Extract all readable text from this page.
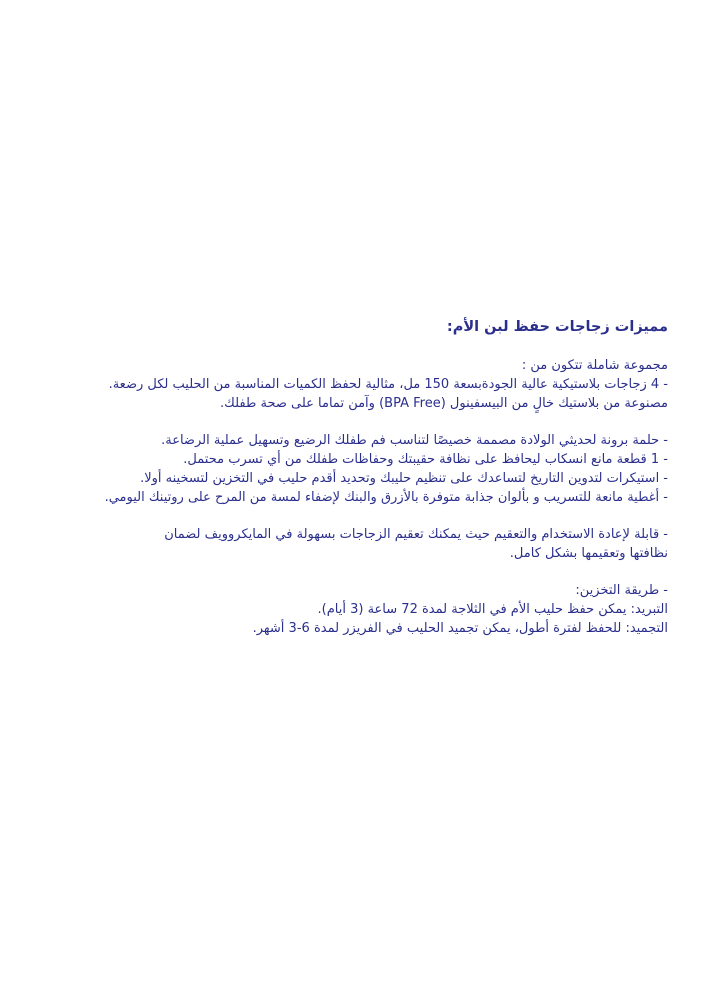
مميزات زجاجات حفظ لبن الأم:
مجموعة شاملة تتكون من :
- 4 زجاجات بلاستيكية عالية الجودةبسعة 150 مل، مثالية لحفظ الكميات المناسبة من الحليب لكل رضعة.
مصنوعة من بلاستيك خالٍ من البيسفينول (BPA Free) وآمن تماما على صحة طفلك.
- حلمة برونة لحديثي الولادة مصممة خصيصًا لتناسب فم طفلك الرضيع وتسهيل عملية الرضاعة.
- 1 قطعة مانع انسكاب ليحافظ على نظافة حقيبتك وحفاظات طفلك من أي تسرب محتمل.
- استيكرات لتدوين التاريخ لتساعدك على تنظيم حليبك وتحديد أقدم حليب في التخزين لتسخينه أولا.
- أغطية مانعة للتسريب و بألوان جذابة متوفرة بالأزرق والبنك لإضفاء لمسة من المرح على روتينك اليومي.
- قابلة لإعادة الاستخدام والتعقيم حيث يمكنك تعقيم الزجاجات بسهولة في المايكروويف لضمان
نظافتها وتعقيمها بشكل كامل.
- طريقة التخزين:
التبريد: يمكن حفظ حليب الأم في الثلاجة لمدة 72 ساعة (3 أيام).
التجميد: للحفظ لفترة أطول، يمكن تجميد الحليب في الفريزر لمدة 6-3 أشهر.
